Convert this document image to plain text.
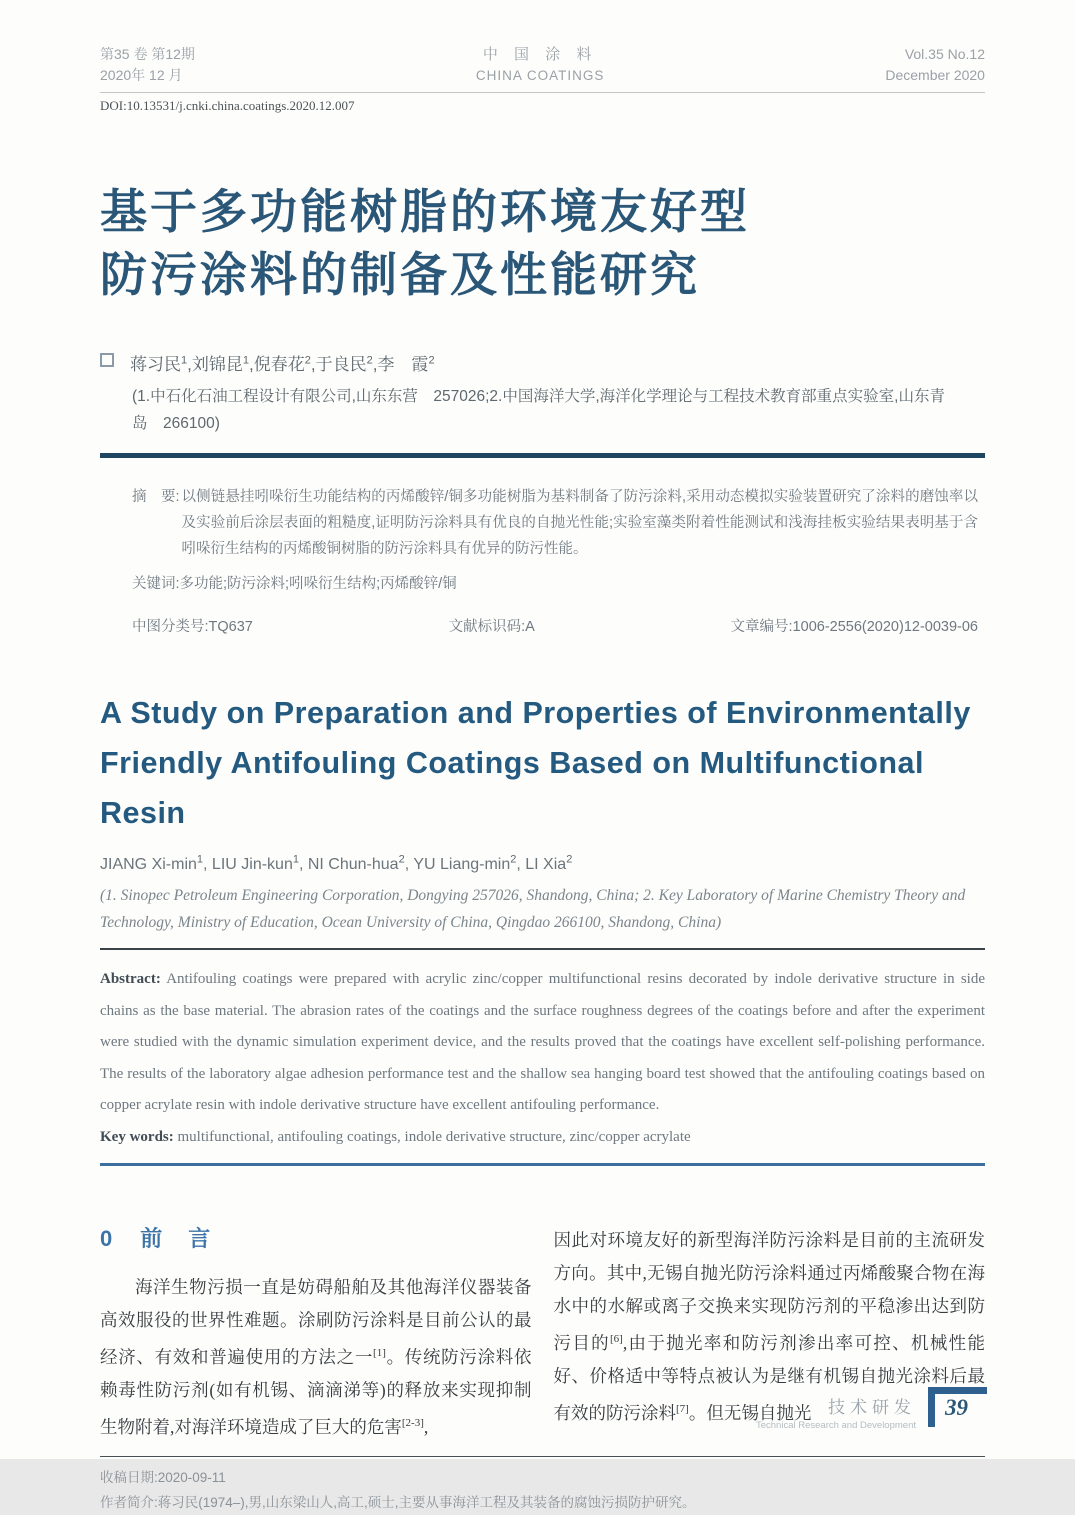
第35 卷 第12期
2020年 12 月
中 国 涂 料
CHINA COATINGS
Vol.35 No.12
December 2020
DOI:10.13531/j.cnki.china.coatings.2020.12.007
基于多功能树脂的环境友好型
防污涂料的制备及性能研究
蒋习民$^1$,刘锦昆$^1$,倪春花$^2$,于良民$^2$,李　霞$^2$
(1.中石化石油工程设计有限公司,山东东营　257026;2.中国海洋大学,海洋化学理论与工程技术教育部重点实验室,山东青岛　266100)
摘　要: 以侧链悬挂吲哚衍生功能结构的丙烯酸锌/铜多功能树脂为基料制备了防污涂料,采用动态模拟实验装置研究了涂料的磨蚀率以及实验前后涂层表面的粗糙度,证明防污涂料具有优良的自抛光性能;实验室藻类附着性能测试和浅海挂板实验结果表明基于含吲哚衍生结构的丙烯酸铜树脂的防污涂料具有优异的防污性能。
关键词:多功能;防污涂料;吲哚衍生结构;丙烯酸锌/铜
中图分类号:TQ637	文献标识码:A	文章编号:1006-2556(2020)12-0039-06
A Study on Preparation and Properties of Environmentally Friendly Antifouling Coatings Based on Multifunctional Resin
JIANG $Xi-\min^1$, LIU Jin-kun$^1$, NI Chun-hua$^2$, YU Liang-$\min^2$, LI Xia$^2$
(1. Sinopec Petroleum Engineering Corporation, Dongying 257026, Shandong, China; 2. Key Laboratory of Marine Chemistry Theory and Technology, Ministry of Education, Ocean University of China, Qingdao 266100, Shandong, China)
Abstract: Antifouling coatings were prepared with acrylic zinc/copper multifunctional resins decorated by indole derivative structure in side chains as the base material. The abrasion rates of the coatings and the surface roughness degrees of the coatings before and after the experiment were studied with the dynamic simulation experiment device, and the results proved that the coatings have excellent self-polishing performance. The results of the laboratory algae adhesion performance test and the shallow sea hanging board test showed that the antifouling coatings based on copper acrylate resin with indole derivative structure have excellent antifouling performance.
Key words: multifunctional, antifouling coatings, indole derivative structure, zinc/copper acrylate
0 前　言
海洋生物污损一直是妨碍船舶及其他海洋仪器装备高效服役的世界性难题。涂刷防污涂料是目前公认的最经济、有效和普遍使用的方法之一[1]。传统防污涂料依赖毒性防污剂(如有机锡、滴滴涕等)的释放来实现抑制生物附着,对海洋环境造成了巨大的危害[2-3],
因此对环境友好的新型海洋防污涂料是目前的主流研发方向。其中,无锡自抛光防污涂料通过丙烯酸聚合物在海水中的水解或离子交换来实现防污剂的平稳渗出达到防污目的[6],由于抛光率和防污剂渗出率可控、机械性能好、价格适中等特点被认为是继有机锡自抛光涂料后最有效的防污涂料[7]。但无锡自抛光
收稿日期:2020-09-11
作者简介:蒋习民(1974–),男,山东梁山人,高工,硕士,主要从事海洋工程及其装备的腐蚀污损防护研究。
技术研发
Technical Research and Development
39
